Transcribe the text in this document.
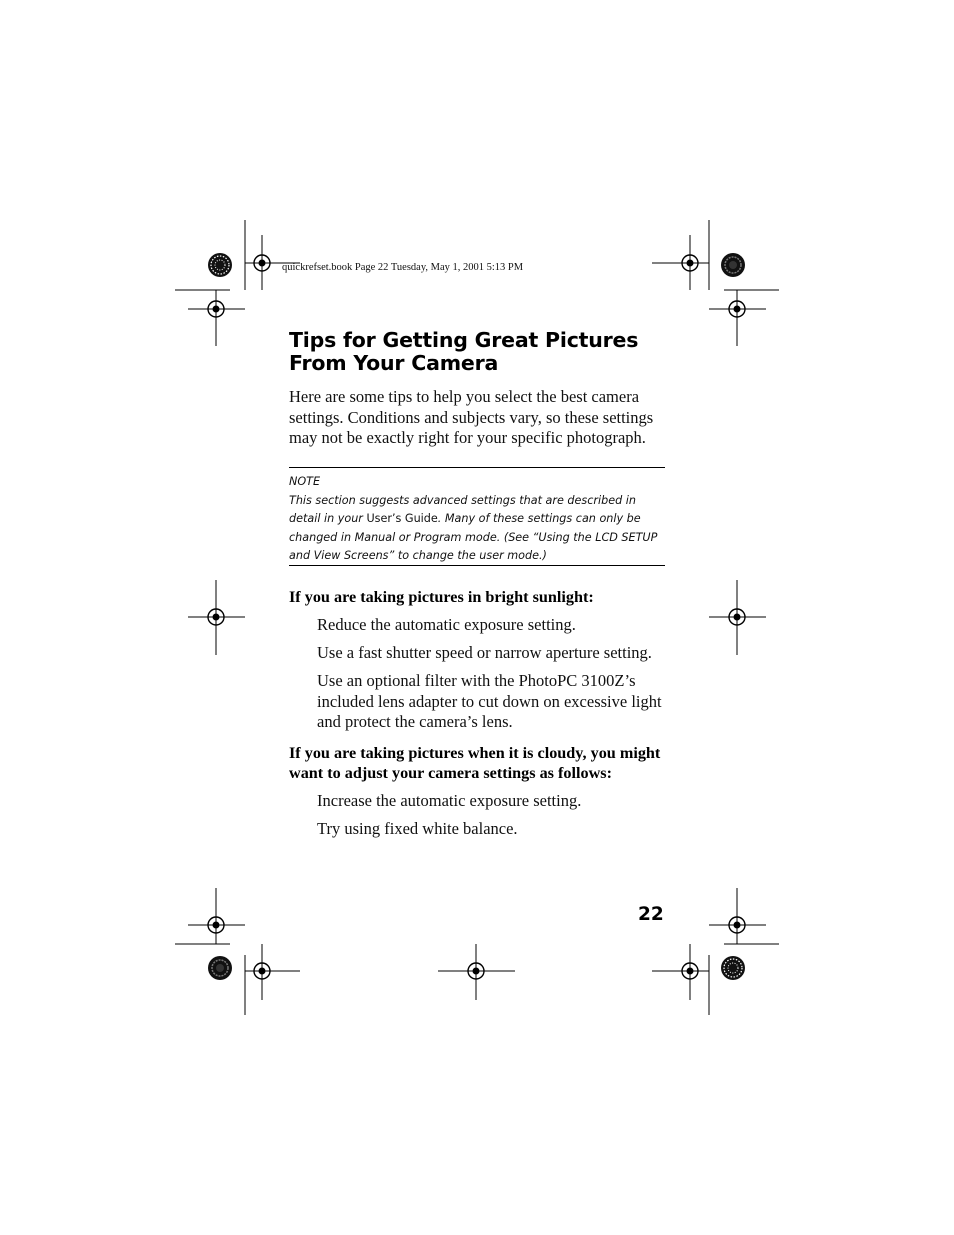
quickrefset.book Page 22 Tuesday, May 1, 2001 5:13 PM
Tips for Getting Great Pictures From Your Camera

Here are some tips to help you select the best camera settings. Conditions and subjects vary, so these settings may not be exactly right for your specific photograph.

NOTE
This section suggests advanced settings that are described in detail in your User’s Guide. Many of these settings can only be changed in Manual or Program mode. (See “Using the LCD SETUP and View Screens” to change the user mode.)

If you are taking pictures in bright sunlight:

Reduce the automatic exposure setting.

Use a fast shutter speed or narrow aperture setting.

Use an optional filter with the PhotoPC 3100Z’s included lens adapter to cut down on excessive light and protect the camera’s lens.

If you are taking pictures when it is cloudy, you might want to adjust your camera settings as follows:

Increase the automatic exposure setting.

Try using fixed white balance.

22
